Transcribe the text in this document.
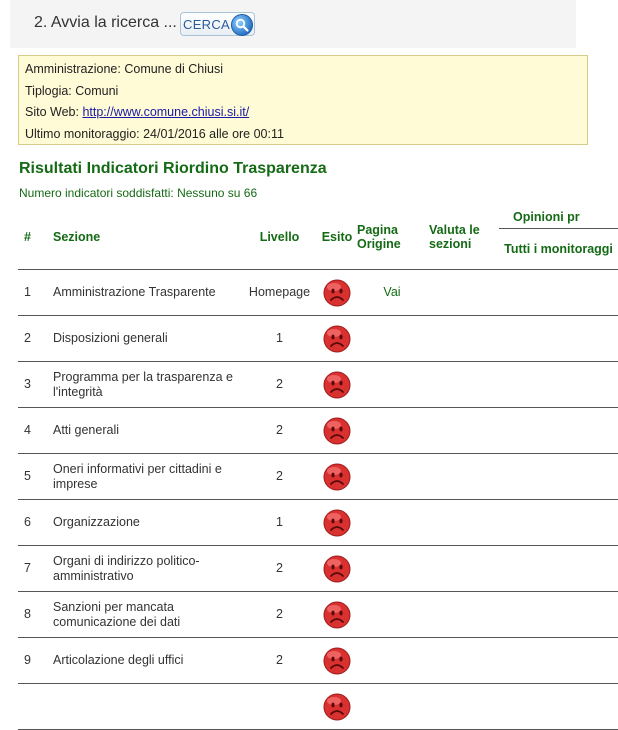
2. Avvia la ricerca ... CERCA
Amministrazione: Comune di Chiusi
Tiplogia: Comuni
Sito Web: http://www.comune.chiusi.si.it/
Ultimo monitoraggio: 24/01/2016 alle ore 00:11
Risultati Indicatori Riordino Trasparenza
Numero indicatori soddisfatti: Nessuno su 66
#	Sezione	Livello	Esito	Pagina Origine	Valuta le sezioni	Opinioni pr
						Tutti i monitoraggi
1	Amministrazione Trasparente	Homepage		Vai		
2	Disposizioni generali	1				
3	Programma per la trasparenza e l'integrità	2				
4	Atti generali	2				
5	Oneri informativi per cittadini e imprese	2				
6	Organizzazione	1				
7	Organi di indirizzo politico-amministrativo	2				
8	Sanzioni per mancata comunicazione dei dati	2				
9	Articolazione degli uffici	2				
